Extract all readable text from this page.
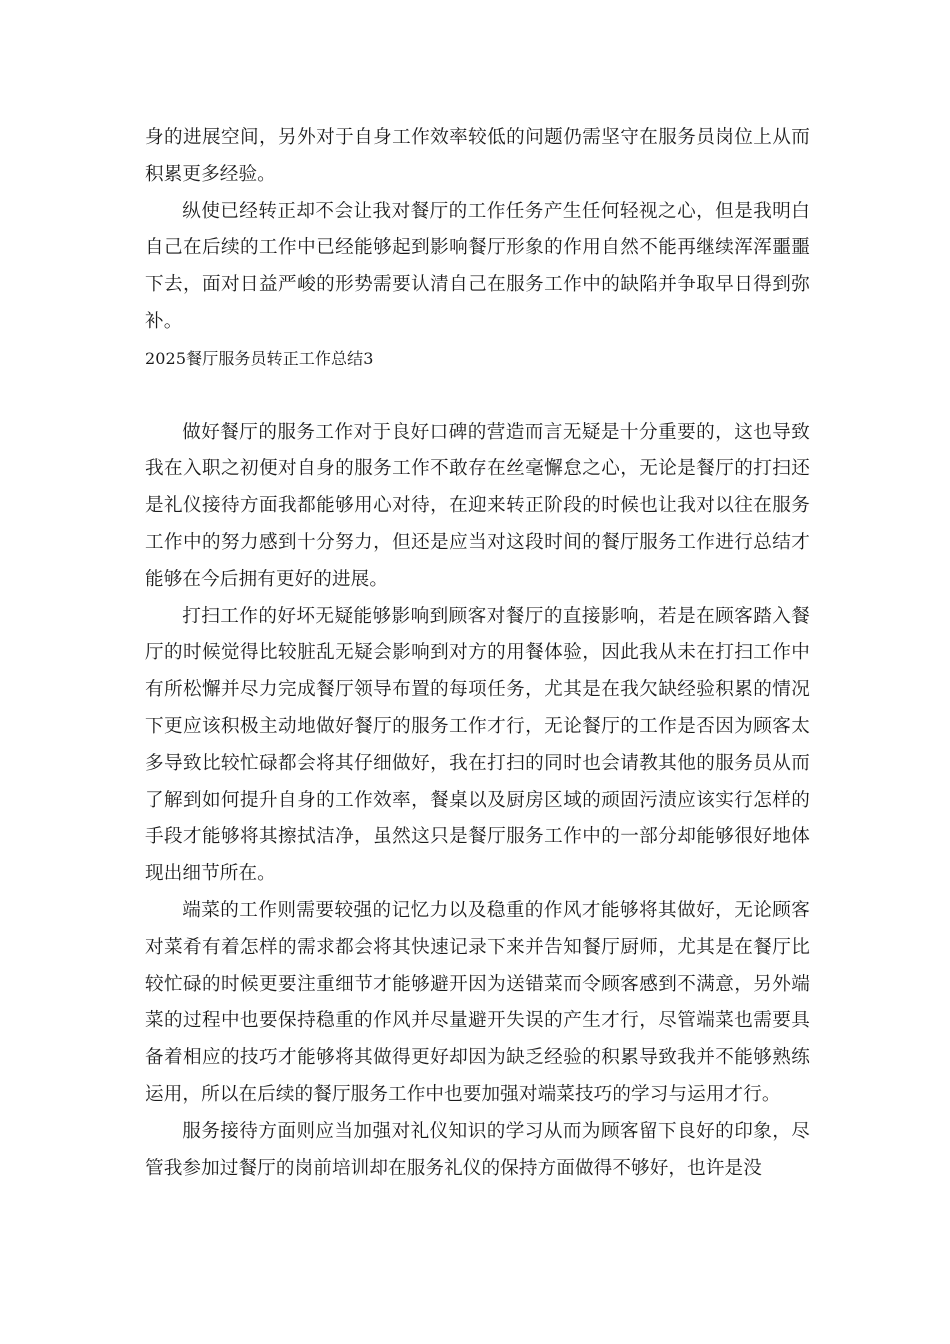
身的进展空间，另外对于自身工作效率较低的问题仍需坚守在服务员岗位上从而积累更多经验。

纵使已经转正却不会让我对餐厅的工作任务产生任何轻视之心，但是我明白自己在后续的工作中已经能够起到影响餐厅形象的作用自然不能再继续浑浑噩噩下去，面对日益严峻的形势需要认清自己在服务工作中的缺陷并争取早日得到弥补。

2025餐厅服务员转正工作总结3

做好餐厅的服务工作对于良好口碑的营造而言无疑是十分重要的，这也导致我在入职之初便对自身的服务工作不敢存在丝毫懈怠之心，无论是餐厅的打扫还是礼仪接待方面我都能够用心对待，在迎来转正阶段的时候也让我对以往在服务工作中的努力感到十分努力，但还是应当对这段时间的餐厅服务工作进行总结才能够在今后拥有更好的进展。

打扫工作的好坏无疑能够影响到顾客对餐厅的直接影响，若是在顾客踏入餐厅的时候觉得比较脏乱无疑会影响到对方的用餐体验，因此我从未在打扫工作中有所松懈并尽力完成餐厅领导布置的每项任务，尤其是在我欠缺经验积累的情况下更应该积极主动地做好餐厅的服务工作才行，无论餐厅的工作是否因为顾客太多导致比较忙碌都会将其仔细做好，我在打扫的同时也会请教其他的服务员从而了解到如何提升自身的工作效率，餐桌以及厨房区域的顽固污渍应该实行怎样的手段才能够将其擦拭洁净，虽然这只是餐厅服务工作中的一部分却能够很好地体现出细节所在。

端菜的工作则需要较强的记忆力以及稳重的作风才能够将其做好，无论顾客对菜肴有着怎样的需求都会将其快速记录下来并告知餐厅厨师，尤其是在餐厅比较忙碌的时候更要注重细节才能够避开因为送错菜而令顾客感到不满意，另外端菜的过程中也要保持稳重的作风并尽量避开失误的产生才行，尽管端菜也需要具备着相应的技巧才能够将其做得更好却因为缺乏经验的积累导致我并不能够熟练运用，所以在后续的餐厅服务工作中也要加强对端菜技巧的学习与运用才行。

服务接待方面则应当加强对礼仪知识的学习从而为顾客留下良好的印象，尽管我参加过餐厅的岗前培训却在服务礼仪的保持方面做得不够好，也许是没
